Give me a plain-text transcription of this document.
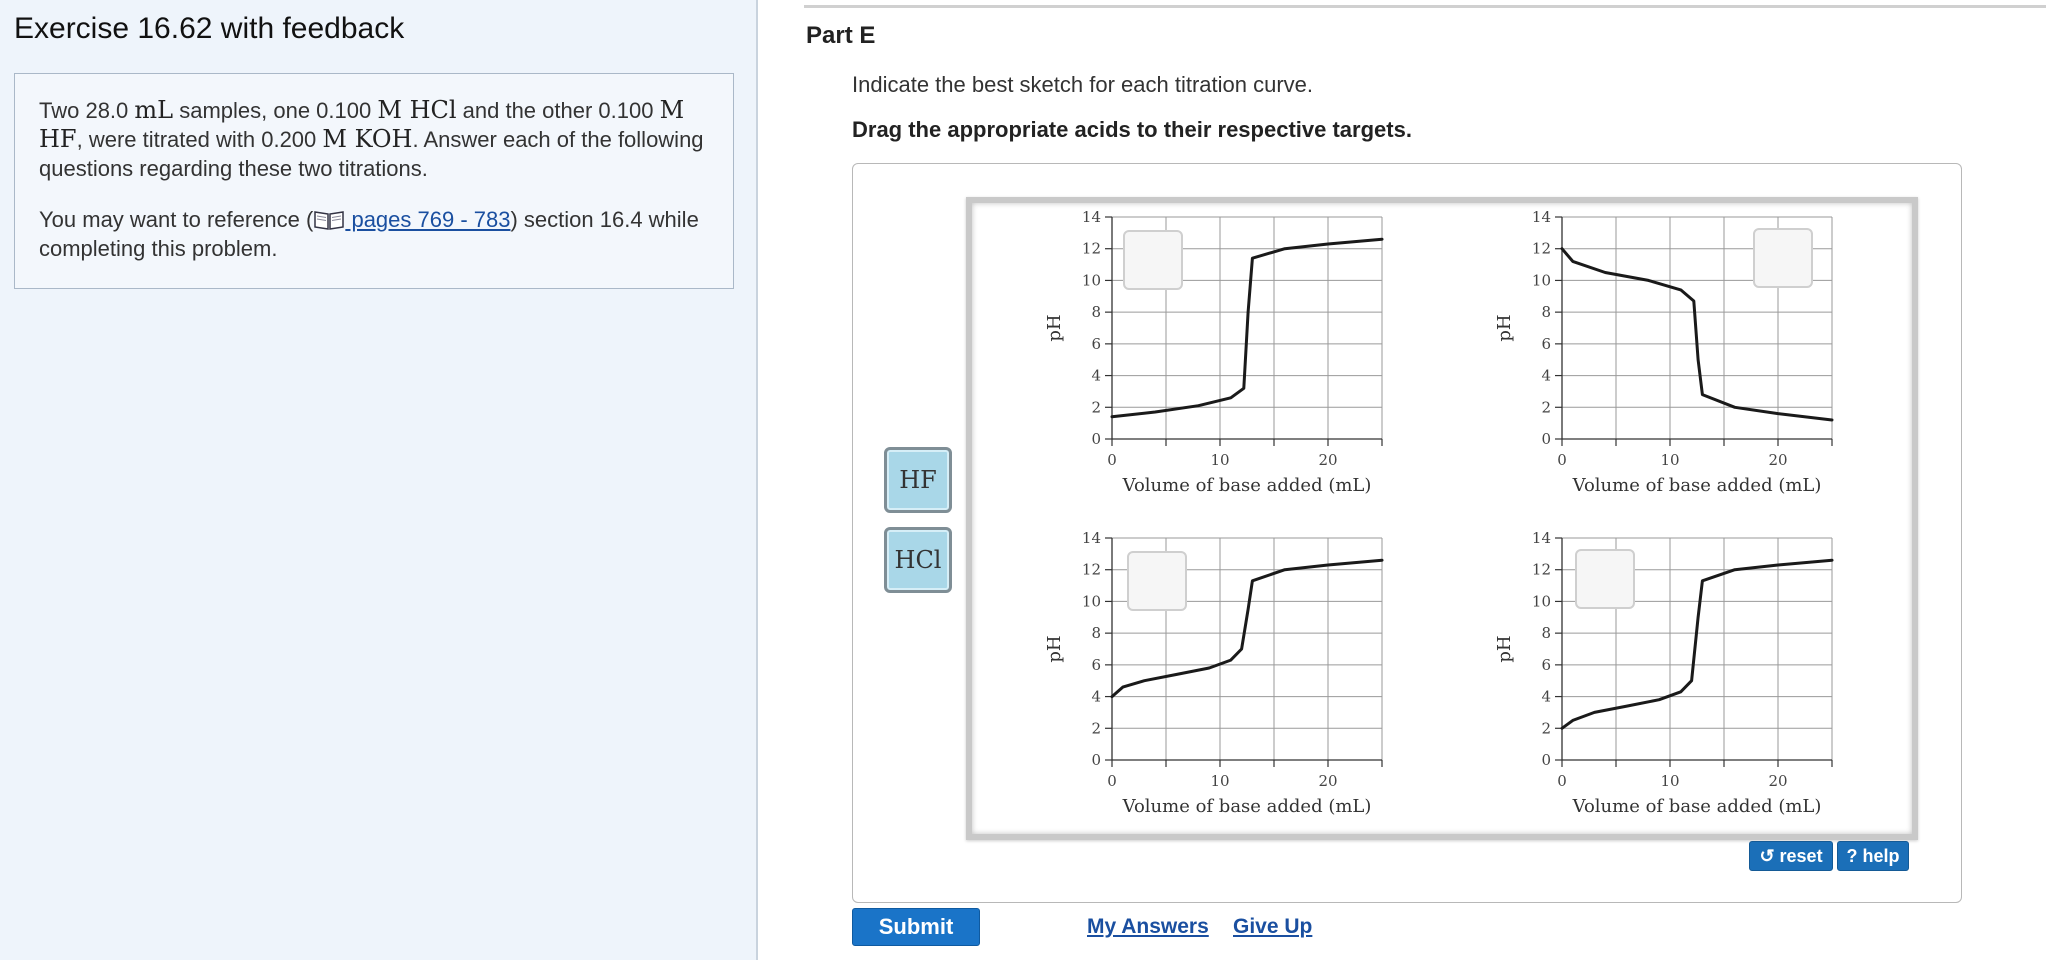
Exercise 16.62 with feedback

Two 28.0 mL samples, one 0.100 M HCl and the other 0.100 M HF, were titrated with 0.200 M KOH. Answer each of the following questions regarding these two titrations.

You may want to reference ( pages 769 - 783) section 16.4 while completing this problem.

Part E
Indicate the best sketch for each titration curve.
Drag the appropriate acids to their respective targets.
HF
HCl
0
2
4
6
8
10
12
14
0	10	20
Volume of base added (mL)
pH
0
2
4
6
8
10
12
14
0	10	20
Volume of base added (mL)
pH
0
2
4
6
8
10
12
14
0	10	20
Volume of base added (mL)
pH
0
2
4
6
8
10
12
14
0	10	20
Volume of base added (mL)
pH
↺ reset ? help
Submit	My Answers Give Up
